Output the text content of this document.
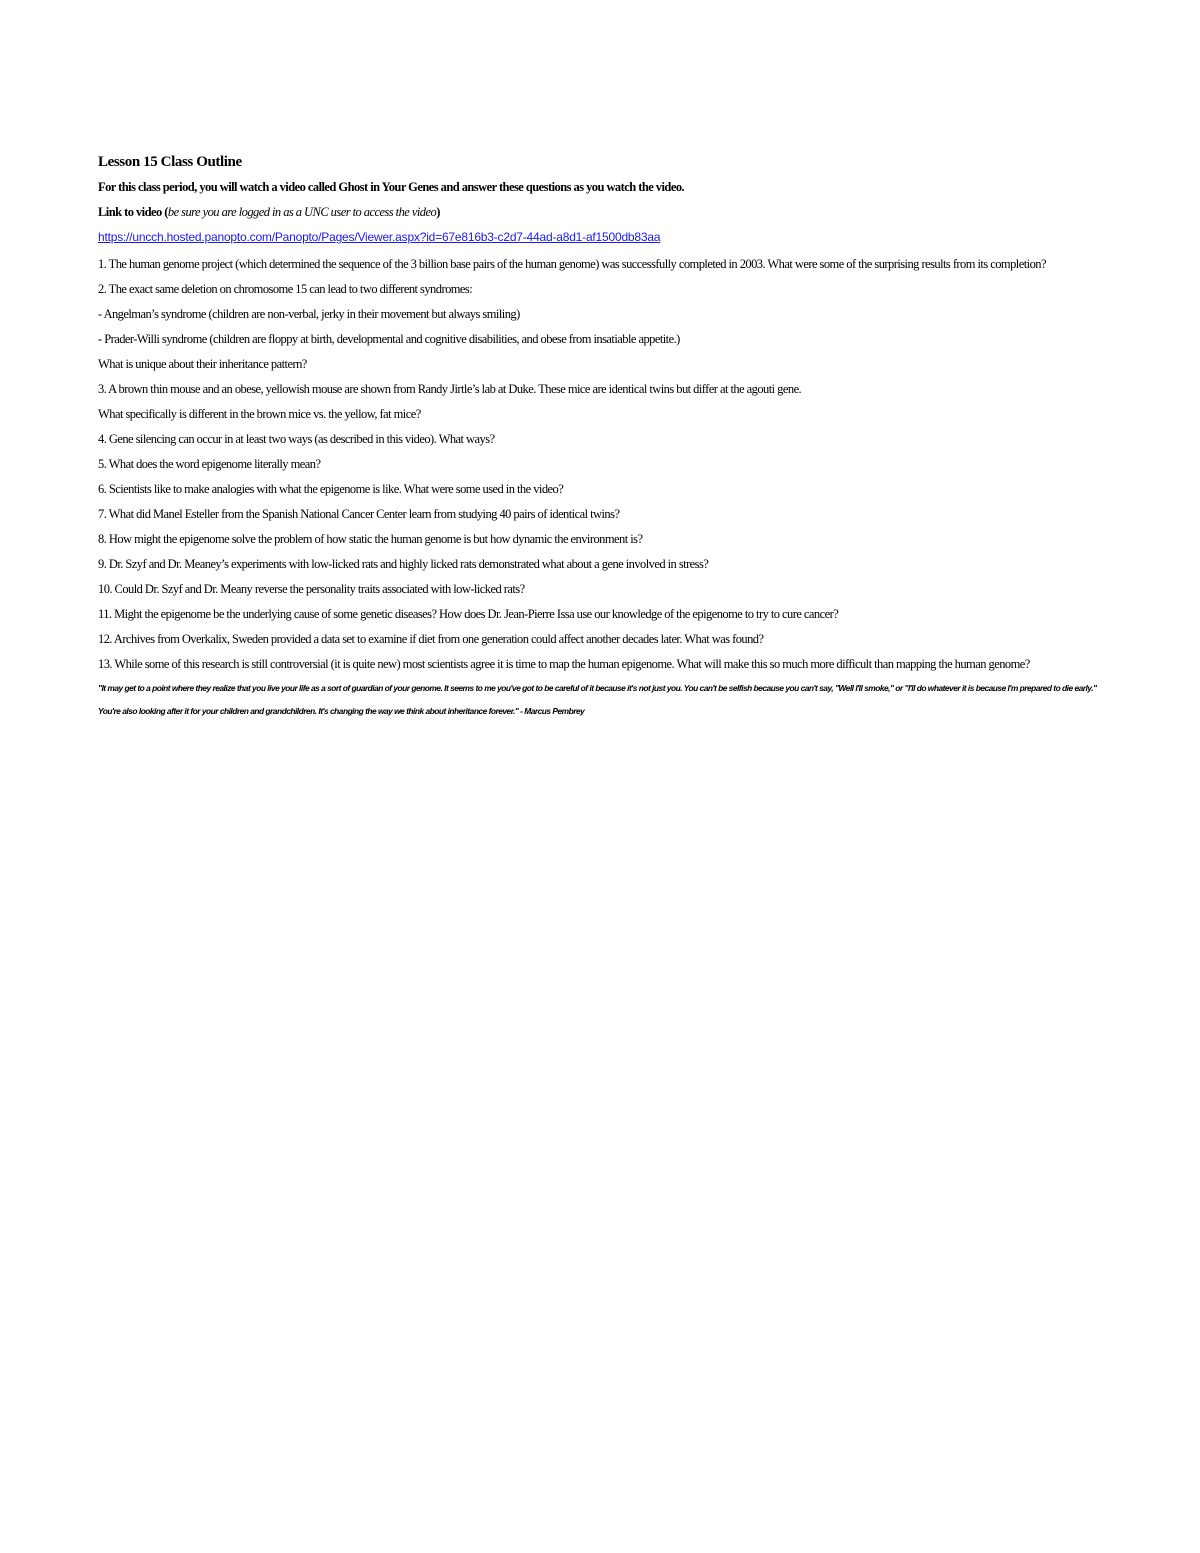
Lesson 15 Class Outline

For this class period, you will watch a video called Ghost in Your Genes and answer these questions as you watch the video.

Link to video (be sure you are logged in as a UNC user to access the video)

https://uncch.hosted.panopto.com/Panopto/Pages/Viewer.aspx?id=67e816b3-c2d7-44ad-a8d1-af1500db83aa

1. The human genome project (which determined the sequence of the 3 billion base pairs of the human genome) was successfully completed in 2003. What were some of the surprising results from its completion?

2. The exact same deletion on chromosome 15 can lead to two different syndromes:

- Angelman’s syndrome (children are non-verbal, jerky in their movement but always smiling)

- Prader-Willi syndrome (children are floppy at birth, developmental and cognitive disabilities, and obese from insatiable appetite.)

What is unique about their inheritance pattern?

3. A brown thin mouse and an obese, yellowish mouse are shown from Randy Jirtle’s lab at Duke. These mice are identical twins but differ at the agouti gene.

What specifically is different in the brown mice vs. the yellow, fat mice?

4. Gene silencing can occur in at least two ways (as described in this video). What ways?

5. What does the word epigenome literally mean?

6. Scientists like to make analogies with what the epigenome is like. What were some used in the video?

7. What did Manel Esteller from the Spanish National Cancer Center learn from studying 40 pairs of identical twins?

8. How might the epigenome solve the problem of how static the human genome is but how dynamic the environment is?

9. Dr. Szyf and Dr. Meaney’s experiments with low-licked rats and highly licked rats demonstrated what about a gene involved in stress?

10. Could Dr. Szyf and Dr. Meany reverse the personality traits associated with low-licked rats?

11. Might the epigenome be the underlying cause of some genetic diseases? How does Dr. Jean-Pierre Issa use our knowledge of the epigenome to try to cure cancer?

12. Archives from Overkalix, Sweden provided a data set to examine if diet from one generation could affect another decades later. What was found?

13. While some of this research is still controversial (it is quite new) most scientists agree it is time to map the human epigenome. What will make this so much more difficult than mapping the human genome?

"It may get to a point where they realize that you live your life as a sort of guardian of your genome. It seems to me you've got to be careful of it because it's not just you. You can't be selfish because you can't say, "Well I'll smoke," or "I'll do whatever it is because I'm prepared to die early." You're also looking after it for your children and grandchildren. It's changing the way we think about inheritance forever." - Marcus Pembrey
